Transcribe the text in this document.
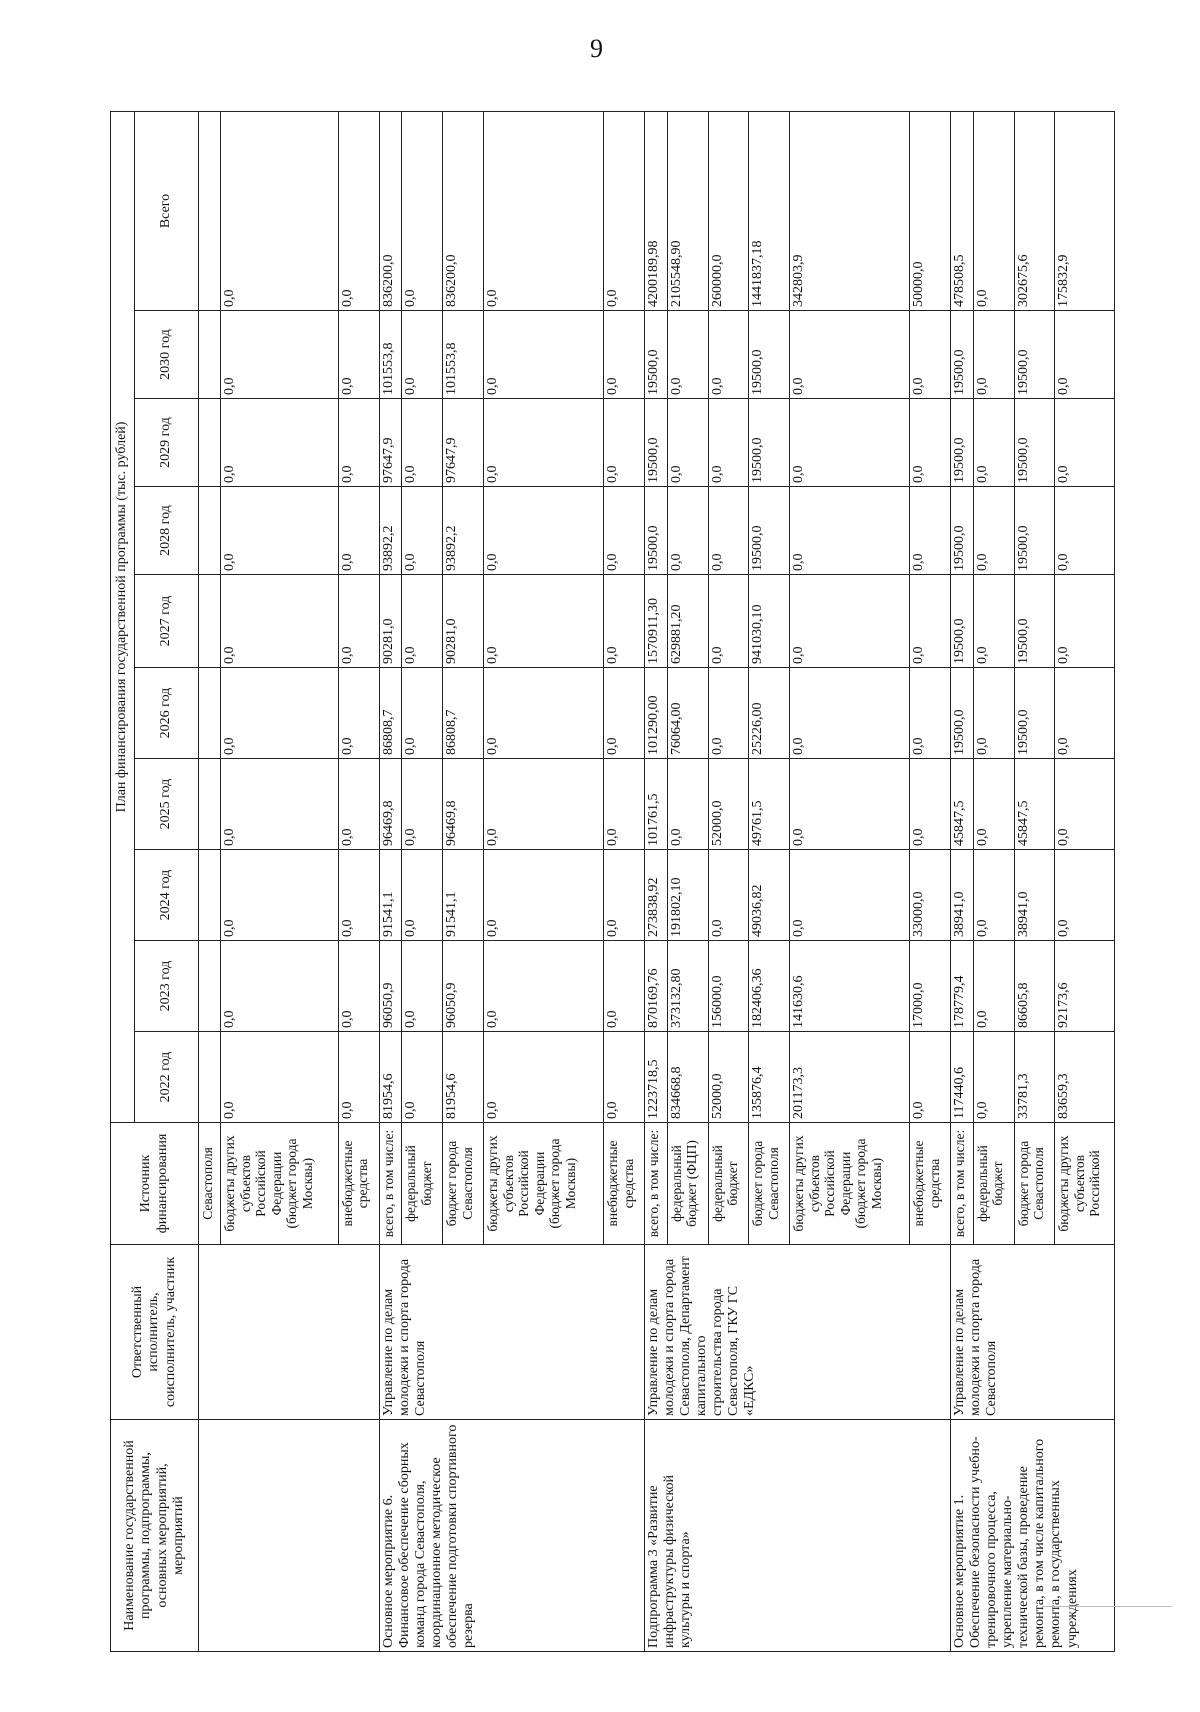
9
Наименование государственной программы, подпрограммы, основных мероприятий, мероприятий	Ответственный исполнитель, соисполнитель, участник	Источник финансирования	План финансирования государственной программы (тыс. рублей)									
			2022 год	2023 год	2024 год	2025 год	2026 год	2027 год	2028 год	2029 год	2030 год	Всего
		Севастополя										
		бюджеты других субъектов Российской Федерации (бюджет города Москвы)	0,0	0,0	0,0	0,0	0,0	0,0	0,0	0,0	0,0	0,0
		внебюджетные средства	0,0	0,0	0,0	0,0	0,0	0,0	0,0	0,0	0,0	0,0
Основное мероприятие 6. Финансовое обеспечение сборных команд города Севастополя, координационное методическое обеспечение подготовки спортивного резерва	Управление по делам молодежи и спорта города Севастополя	всего, в том числе:	81954,6	96050,9	91541,1	96469,8	86808,7	90281,0	93892,2	97647,9	101553,8	836200,0
		федеральный бюджет	0,0	0,0	0,0	0,0	0,0	0,0	0,0	0,0	0,0	0,0
		бюджет города Севастополя	81954,6	96050,9	91541,1	96469,8	86808,7	90281,0	93892,2	97647,9	101553,8	836200,0
		бюджеты других субъектов Российской Федерации (бюджет города Москвы)	0,0	0,0	0,0	0,0	0,0	0,0	0,0	0,0	0,0	0,0
		внебюджетные средства	0,0	0,0	0,0	0,0	0,0	0,0	0,0	0,0	0,0	0,0
Подпрограмма 3 «Развитие инфраструктуры физической культуры и спорта»	Управление по делам молодежи и спорта города Севастополя, Департамент капитального строительства города Севастополя, ГКУ ГС «ЕДКС»	всего, в том числе:	1223718,5	870169,76	273838,92	101761,5	101290,00	1570911,30	19500,0	19500,0	19500,0	4200189,98
		федеральный бюджет (ФЦП)	834668,8	373132,80	191802,10	0,0	76064,00	629881,20	0,0	0,0	0,0	2105548,90
		федеральный бюджет	52000,0	156000,0	0,0	52000,0	0,0	0,0	0,0	0,0	0,0	260000,0
		бюджет города Севастополя	135876,4	182406,36	49036,82	49761,5	25226,00	941030,10	19500,0	19500,0	19500,0	1441837,18
		бюджеты других субъектов Российской Федерации (бюджет города Москвы)	201173,3	141630,6	0,0	0,0	0,0	0,0	0,0	0,0	0,0	342803,9
		внебюджетные средства	0,0	17000,0	33000,0	0,0	0,0	0,0	0,0	0,0	0,0	50000,0
Основное мероприятие 1. Обеспечение безопасности учебно-тренировочного процесса, укрепление материально-технической базы, проведение ремонта, в том числе капитального ремонта, в государственных учреждениях	Управление по делам молодежи и спорта города Севастополя	всего, в том числе:	117440,6	178779,4	38941,0	45847,5	19500,0	19500,0	19500,0	19500,0	19500,0	478508,5
		федеральный бюджет	0,0	0,0	0,0	0,0	0,0	0,0	0,0	0,0	0,0	0,0
		бюджет города Севастополя	33781,3	86605,8	38941,0	45847,5	19500,0	19500,0	19500,0	19500,0	19500,0	302675,6
		бюджеты других субъектов Российской	83659,3	92173,6	0,0	0,0	0,0	0,0	0,0	0,0	0,0	175832,9
